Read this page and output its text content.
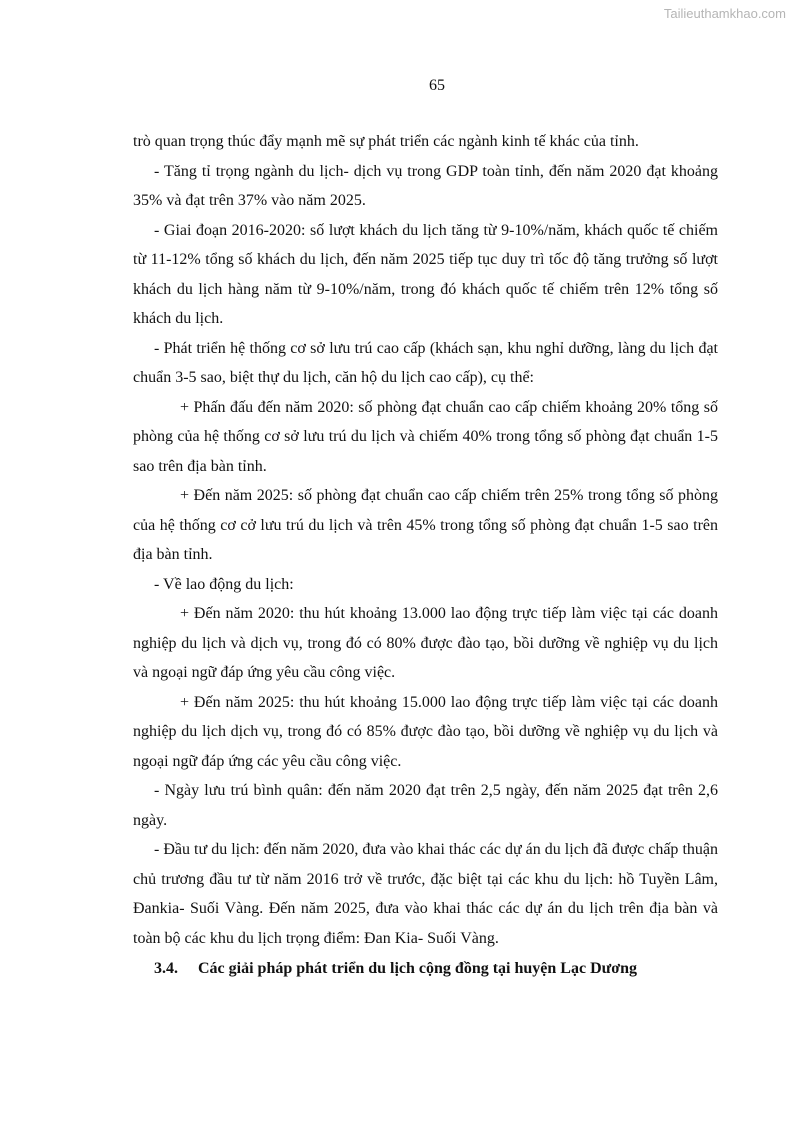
Tailieuthamkhao.com
65

trò quan trọng thúc đẩy mạnh mẽ sự phát triển các ngành kinh tế khác của tỉnh.

- Tăng tỉ trọng ngành du lịch- dịch vụ trong GDP toàn tỉnh, đến năm 2020 đạt khoảng 35% và đạt trên 37% vào năm 2025.

- Giai đoạn 2016-2020: số lượt khách du lịch tăng từ 9-10%/năm, khách quốc tế chiếm từ 11-12% tổng số khách du lịch, đến năm 2025 tiếp tục duy trì tốc độ tăng trưởng số lượt khách du lịch hàng năm từ 9-10%/năm, trong đó khách quốc tế chiếm trên 12% tổng số khách du lịch.

- Phát triển hệ thống cơ sở lưu trú cao cấp (khách sạn, khu nghỉ dưỡng, làng du lịch đạt chuẩn 3-5 sao, biệt thự du lịch, căn hộ du lịch cao cấp), cụ thể:

+ Phấn đấu đến năm 2020: số phòng đạt chuẩn cao cấp chiếm khoảng 20% tổng số phòng của hệ thống cơ sở lưu trú du lịch và chiếm 40% trong tổng số phòng đạt chuẩn 1-5 sao trên địa bàn tỉnh.

+ Đến năm 2025: số phòng đạt chuẩn cao cấp chiếm trên 25% trong tổng số phòng của hệ thống cơ cở lưu trú du lịch và trên 45% trong tổng số phòng đạt chuẩn 1-5 sao trên địa bàn tỉnh.

- Về lao động du lịch:

+ Đến năm 2020: thu hút khoảng 13.000 lao động trực tiếp làm việc tại các doanh nghiệp du lịch và dịch vụ, trong đó có 80% được đào tạo, bồi dưỡng về nghiệp vụ du lịch và ngoại ngữ đáp ứng yêu cầu công việc.

+ Đến năm 2025: thu hút khoảng 15.000 lao động trực tiếp làm việc tại các doanh nghiệp du lịch dịch vụ, trong đó có 85% được đào tạo, bồi dưỡng về nghiệp vụ du lịch và ngoại ngữ đáp ứng các yêu cầu công việc.

- Ngày lưu trú bình quân: đến năm 2020 đạt trên 2,5 ngày, đến năm 2025 đạt trên 2,6 ngày.

- Đầu tư du lịch: đến năm 2020, đưa vào khai thác các dự án du lịch đã được chấp thuận chủ trương đầu tư từ năm 2016 trở về trước, đặc biệt tại các khu du lịch: hồ Tuyền Lâm, Đankia- Suối Vàng. Đến năm 2025, đưa vào khai thác các dự án du lịch trên địa bàn và toàn bộ các khu du lịch trọng điểm: Đan Kia- Suối Vàng.

3.4. Các giải pháp phát triển du lịch cộng đồng tại huyện Lạc Dương
